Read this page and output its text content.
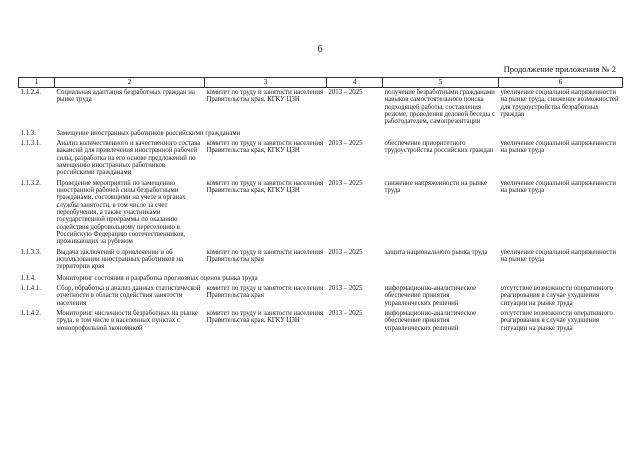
6
Продолжение приложения № 2
1	2	3	4	5	6
1.1.2.4.	Социальная адаптация безработных граждан на рынке труда	комитет по труду и занятости населения Правительства края, КГКУ ЦЗН	2013 – 2025	получение безработными гражданами навыков самостоятельного поиска подходящей работы, составления резюме, проведения деловой беседы с работодателем, самопрезентации	увеличение социальной напряженности на рынке труда, снижение возможностей для трудоустройства безработных граждан
1.1.3.	Замещение иностранных работников российскими гражданами				
1.1.3.1.	Анализ количественного и качественного состава вакансий для привлечения иностранной рабочей силы, разработка на его основе предложений по замещению иностранных работников российскими гражданами	комитет по труду и занятости населения Правительства края, КГКУ ЦЗН	2013 – 2025	обеспечение приоритетного трудоустройства российских граждан	увеличение социальной напряженности на рынке труда
1.1.3.2.	Проведение мероприятий по замещению иностранной рабочей силы безработными гражданами, состоящими на учете в органах службы занятости, в том числе за счет переобучения, а также участниками государственной программы по оказанию содействия добровольному переселению в Российскую Федерацию соотечественников, проживающих за рубежом	комитет по труду и занятости населения Правительства края, КГКУ ЦЗН	2013 – 2025	снижение напряженности на рынке труда	увеличение социальной напряженности на рынке труда
1.1.3.3.	Выдача заключений о привлечении и об использовании иностранных работников на территории края	комитет по труду и занятости населения Правительства края	2013 – 2025	защита национального рынка труда	увеличение социальной напряженности на рынке труда
1.1.4.	Мониторинг состояния и разработка прогнозных оценок рынка труда				
1.1.4.1.	Сбор, обработка и анализ данных статистической отчетности в области содействия занятости населения	комитет по труду и занятости населения Правительства края	2013 – 2025	информационно-аналитическое обеспечение принятия управленческих решений	отсутствие возможности оперативного реагирования в случае ухудшения ситуации на рынке труда
1.1.4.2.	Мониторинг численности безработных на рынке труда, в том числе в населенных пунктах с монопрофильной экономикой	комитет по труду и занятости населения Правительства края, КГКУ ЦЗН	2013 – 2025	информационно-аналитическое обеспечение принятия управленческих решений	отсутствие возможности оперативного реагирования в случае ухудшения ситуации на рынке труда
